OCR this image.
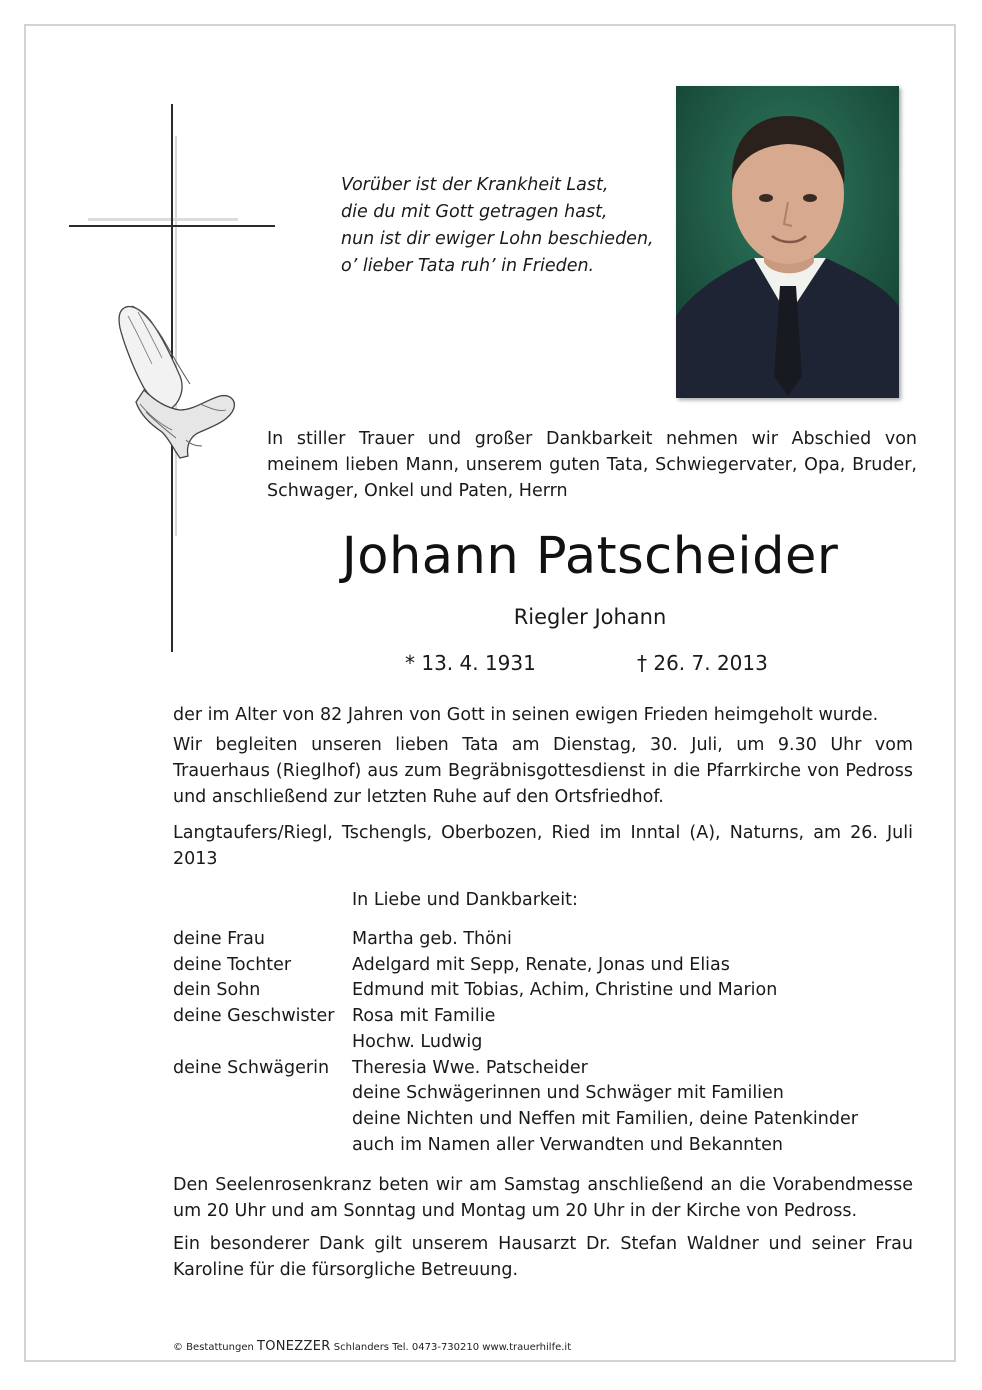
Vorüber ist der Krankheit Last,
die du mit Gott getragen hast,
nun ist dir ewiger Lohn beschieden,
o’ lieber Tata ruh’ in Frieden.
In stiller Trauer und großer Dankbarkeit nehmen wir Abschied von meinem lieben Mann, unserem guten Tata, Schwiegervater, Opa, Bruder, Schwager, Onkel und Paten, Herrn
Johann Patscheider
Riegler Johann
* 13. 4. 1931	† 26. 7. 2013
der im Alter von 82 Jahren von Gott in seinen ewigen Frieden heimgeholt wurde.
Wir begleiten unseren lieben Tata am Dienstag, 30. Juli, um 9.30 Uhr vom Trauerhaus (Rieglhof) aus zum Begräbnisgottesdienst in die Pfarrkirche von Pedross und anschließend zur letzten Ruhe auf den Ortsfriedhof.
Langtaufers/Riegl, Tschengls, Oberbozen, Ried im Inntal (A), Naturns, am 26. Juli 2013
In Liebe und Dankbarkeit:
deine Frau	Martha geb. Thöni
deine Tochter	Adelgard mit Sepp, Renate, Jonas und Elias
dein Sohn	Edmund mit Tobias, Achim, Christine und Marion
deine Geschwister	Rosa mit Familie
Hochw. Ludwig
deine Schwägerin	Theresia Wwe. Patscheider
deine Schwägerinnen und Schwäger mit Familien
deine Nichten und Neffen mit Familien, deine Patenkinder
auch im Namen aller Verwandten und Bekannten
Den Seelenrosenkranz beten wir am Samstag anschließend an die Vorabendmesse um 20 Uhr und am Sonntag und Montag um 20 Uhr in der Kirche von Pedross.
Ein besonderer Dank gilt unserem Hausarzt Dr. Stefan Waldner und seiner Frau Karoline für die fürsorgliche Betreuung.
© Bestattungen TONEZZER Schlanders Tel. 0473-730210 www.trauerhilfe.it
